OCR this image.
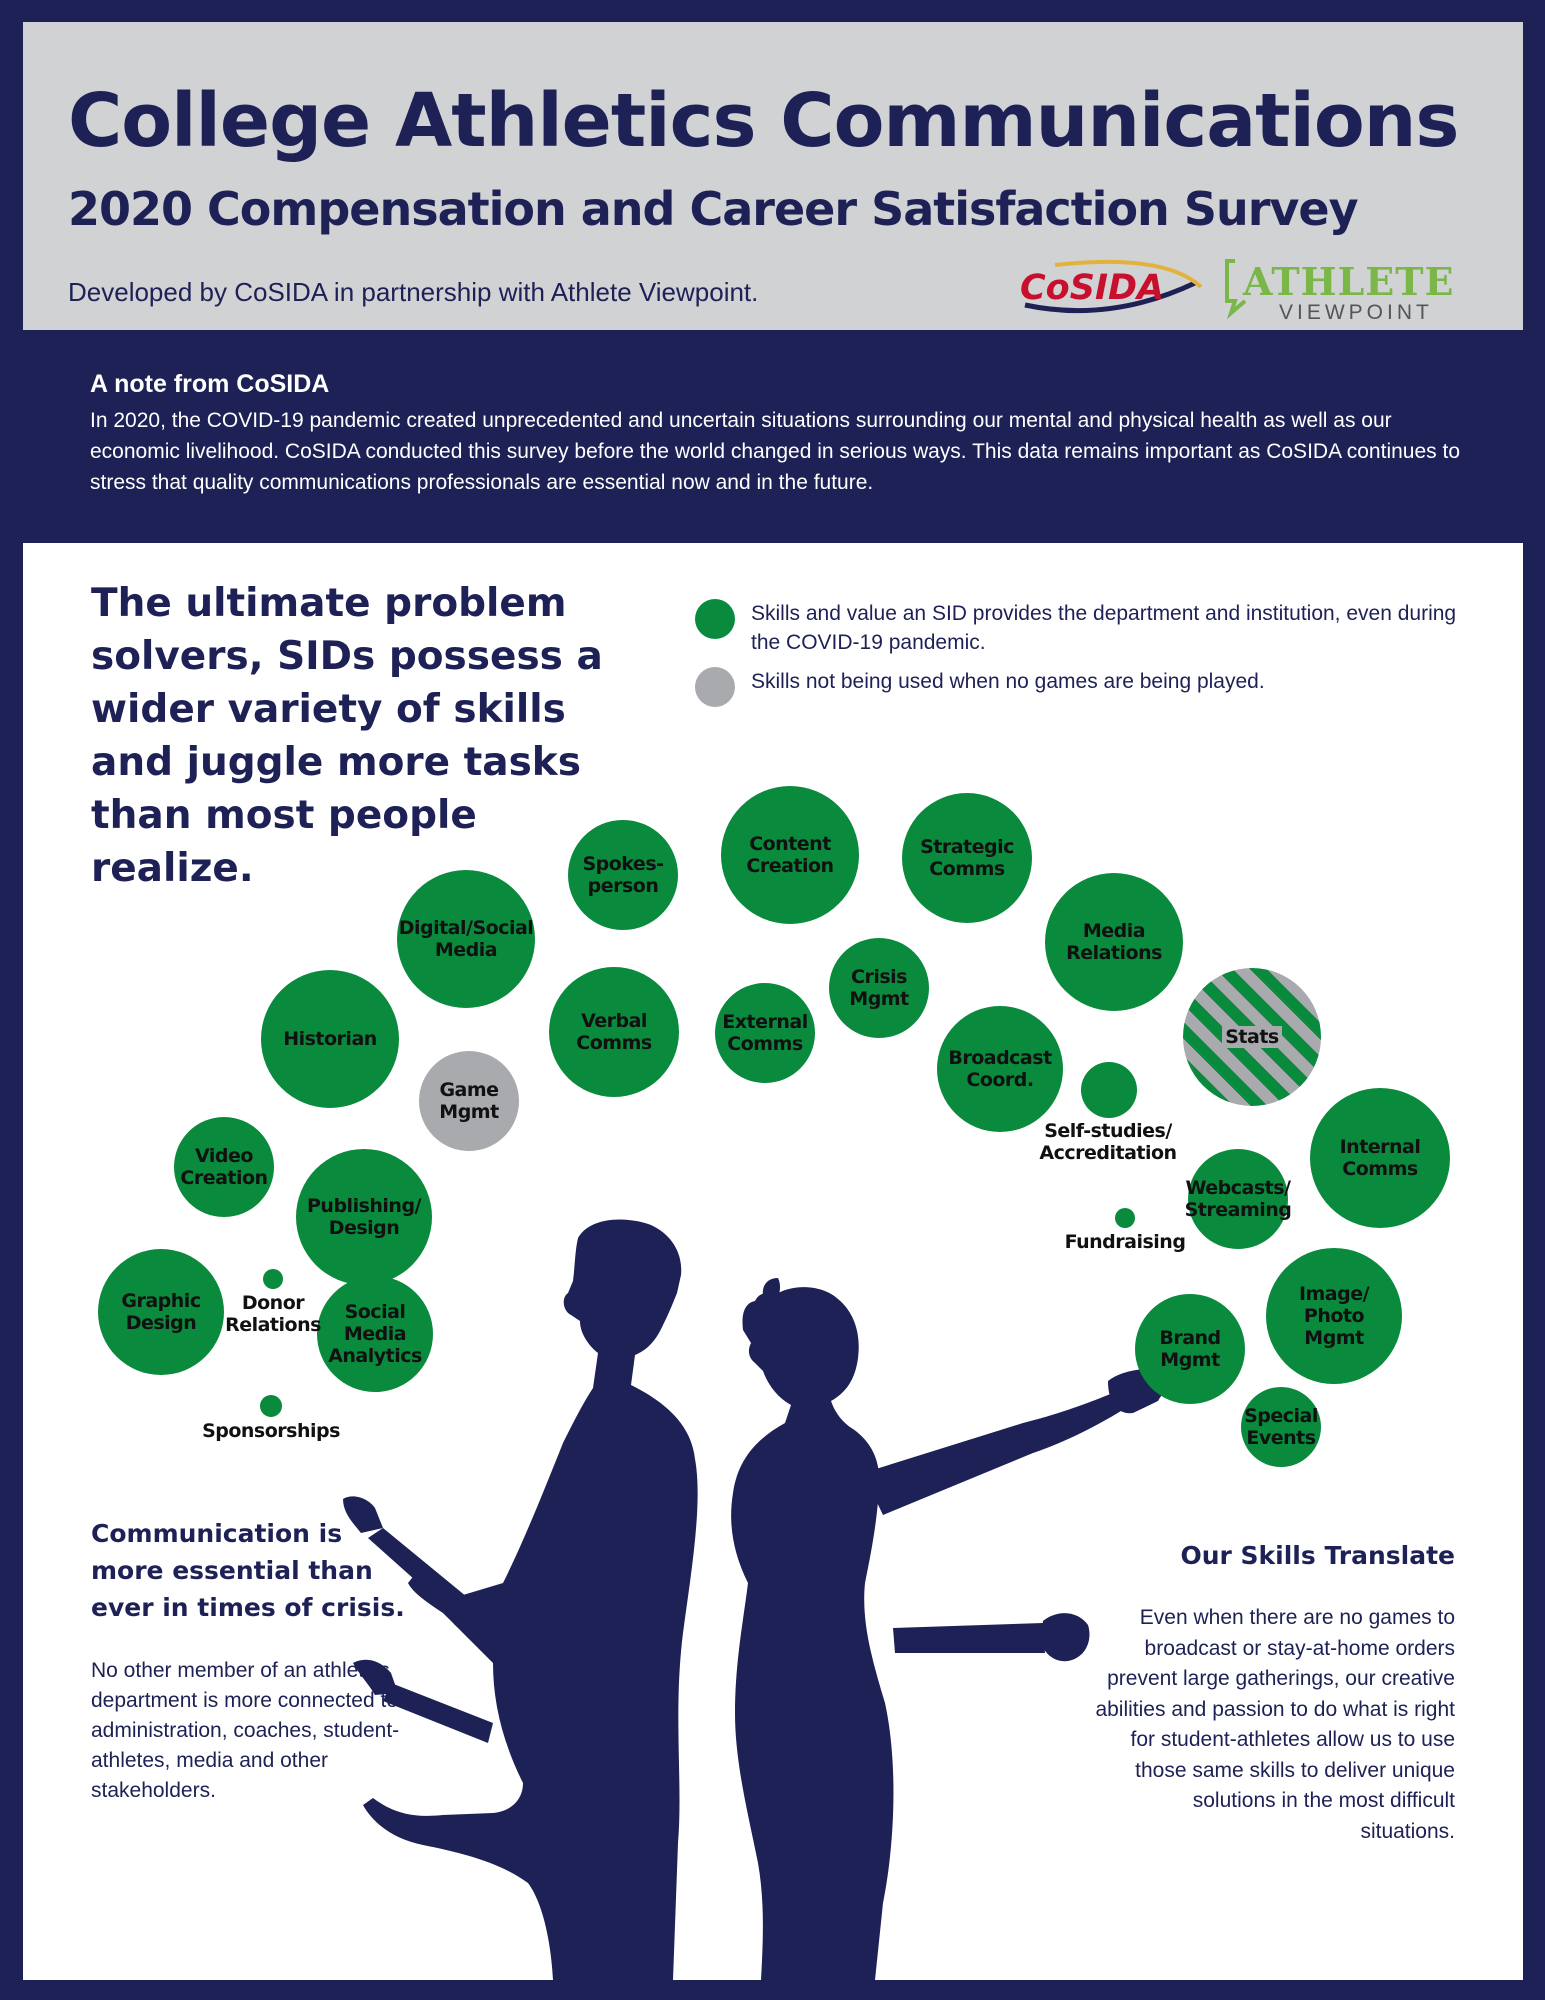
College Athletics Communications
2020 Compensation and Career Satisfaction Survey
Developed by CoSIDA in partnership with Athlete Viewpoint.	CoSIDA ATHLETE
VIEWPOINT
A note from CoSIDA
In 2020, the COVID-19 pandemic created unprecedented and uncertain situations surrounding our mental and physical health as well as our economic livelihood. CoSIDA conducted this survey before the world changed in serious ways. This data remains important as CoSIDA continues to stress that quality communications professionals are essential now and in the future.
The ultimate problem solvers, SIDs possess a wider variety of skills and juggle more tasks than most people realize.
Skills and value an SID provides the department and institution, even during the COVID-19 pandemic.
Skills not being used when no games are being played.
Spokes-
person
Content
Creation
Strategic
Comms
Digital/Social
Media
Media
Relations
Crisis
Mgmt
Verbal
Comms
External
Comms
Historian
Game
Mgmt
Broadcast
Coord.
Stats
Video
Creation
Publishing/
Design
Internal
Comms
Webcasts/
Streaming
Graphic
Design	Social
Media
Analytics
Image/
Photo
Mgmt
Brand
Mgmt
Special
Events
Self-studies/
Accreditation
Fundraising
Donor
Relations
Sponsorships
Communication is more essential than ever in times of crisis.
No other member of an athletics department is more connected to administration, coaches, student-athletes, media and other stakeholders.
Our Skills Translate
Even when there are no games to broadcast or stay-at-home orders prevent large gatherings, our creative abilities and passion to do what is right for student-athletes allow us to use those same skills to deliver unique solutions in the most difficult situations.
